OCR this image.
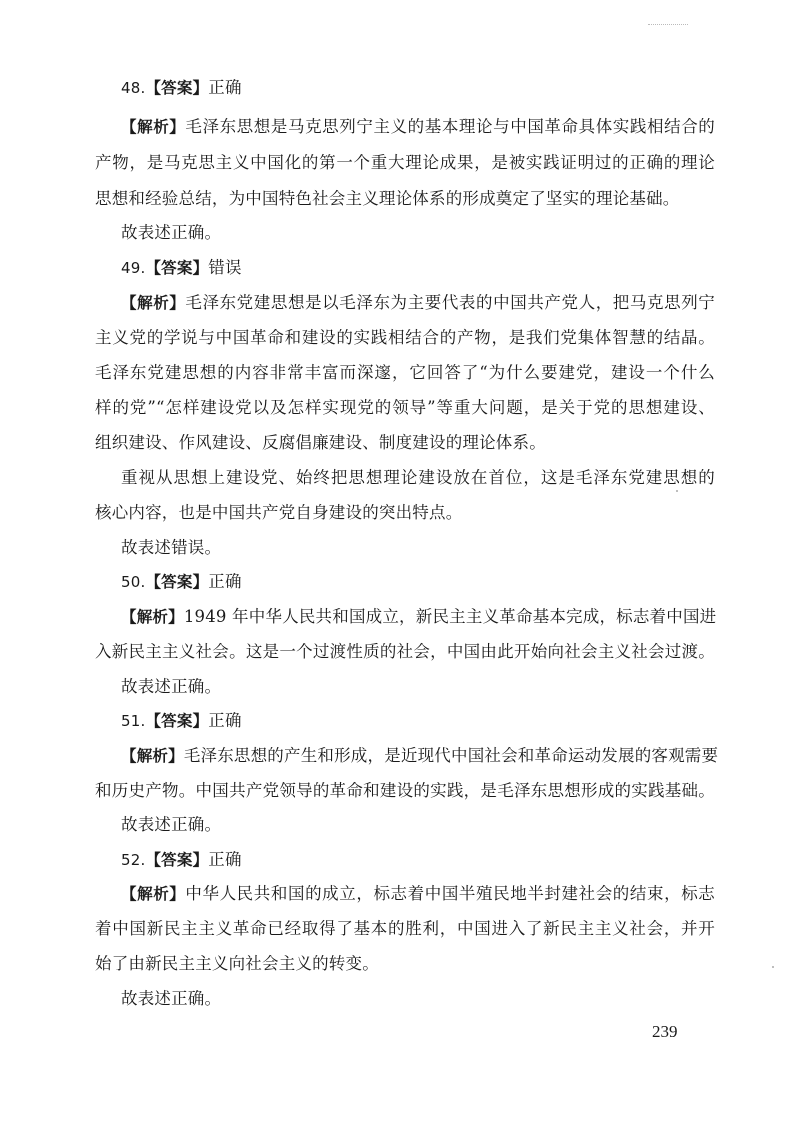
48.【答案】正确
【解析】毛泽东思想是马克思列宁主义的基本理论与中国革命具体实践相结合的
产物，是马克思主义中国化的第一个重大理论成果，是被实践证明过的正确的理论
思想和经验总结，为中国特色社会主义理论体系的形成奠定了坚实的理论基础。
故表述正确。
49.【答案】错误
【解析】毛泽东党建思想是以毛泽东为主要代表的中国共产党人，把马克思列宁
主义党的学说与中国革命和建设的实践相结合的产物，是我们党集体智慧的结晶。
毛泽东党建思想的内容非常丰富而深邃，它回答了“为什么要建党，建设一个什么
样的党”“怎样建设党以及怎样实现党的领导”等重大问题，是关于党的思想建设、
组织建设、作风建设、反腐倡廉建设、制度建设的理论体系。
重视从思想上建设党、始终把思想理论建设放在首位，这是毛泽东党建思想的
核心内容，也是中国共产党自身建设的突出特点。
故表述错误。
50.【答案】正确
【解析】1949 年中华人民共和国成立，新民主主义革命基本完成，标志着中国进
入新民主主义社会。这是一个过渡性质的社会，中国由此开始向社会主义社会过渡。
故表述正确。
51.【答案】正确
【解析】毛泽东思想的产生和形成，是近现代中国社会和革命运动发展的客观需要
和历史产物。中国共产党领导的革命和建设的实践，是毛泽东思想形成的实践基础。
故表述正确。
52.【答案】正确
【解析】中华人民共和国的成立，标志着中国半殖民地半封建社会的结束，标志
着中国新民主主义革命已经取得了基本的胜利，中国进入了新民主主义社会，并开
始了由新民主主义向社会主义的转变。
故表述正确。
239
